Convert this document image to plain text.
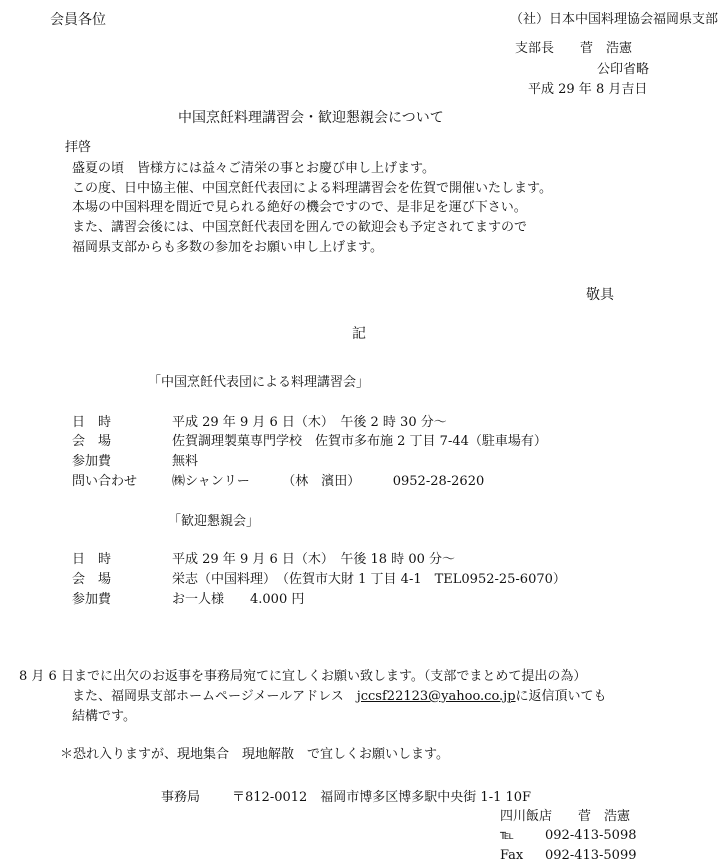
会員各位	（社）日本中国料理協会福岡県支部
支部長　　菅　浩憲
公印省略
平成 29 年 8 月吉日
中国烹飪料理講習会・歓迎懇親会について
拝啓
盛夏の頃　皆様方には益々ご清栄の事とお慶び申し上げます。
この度、日中協主催、中国烹飪代表団による料理講習会を佐賀で開催いたします。
本場の中国料理を間近で見られる絶好の機会ですので、是非足を運び下さい。
また、講習会後には、中国烹飪代表団を囲んでの歓迎会も予定されてますので
福岡県支部からも多数の参加をお願い申し上げます。
敬具
記
「中国烹飪代表団による料理講習会」
日　時	平成 29 年 9 月 6 日（木）　午後 2 時 30 分～
会　場	佐賀調理製菓専門学校　佐賀市多布施 2 丁目 7-44（駐車場有）
参加費	無料
問い合わせ	㈱シャンリー　　　（林　濱田）　　　0952-28-2620
「歓迎懇親会」
日　時	平成 29 年 9 月 6 日（木）　午後 18 時 00 分～
会　場	栄志（中国料理）　（佐賀市大財 1 丁目 4-1　TEL0952-25-6070）
参加費	お一人様　　4.000 円
8 月 6 日までに出欠のお返事を事務局宛てに宜しくお願い致します。（支部でまとめて提出の為）
また、福岡県支部ホームページメールアドレス　 jccsf22123@yahoo.co.jpに返信頂いても
結構です。
＊恐れ入りますが、現地集合　現地解散　で宜しくお願いします。
事務局 〒812-0012　福岡市博多区博多駅中央街 1-1 10F
四川飯店　　菅　浩憲
℡ 092-413-5098
Fax 092-413-5099
